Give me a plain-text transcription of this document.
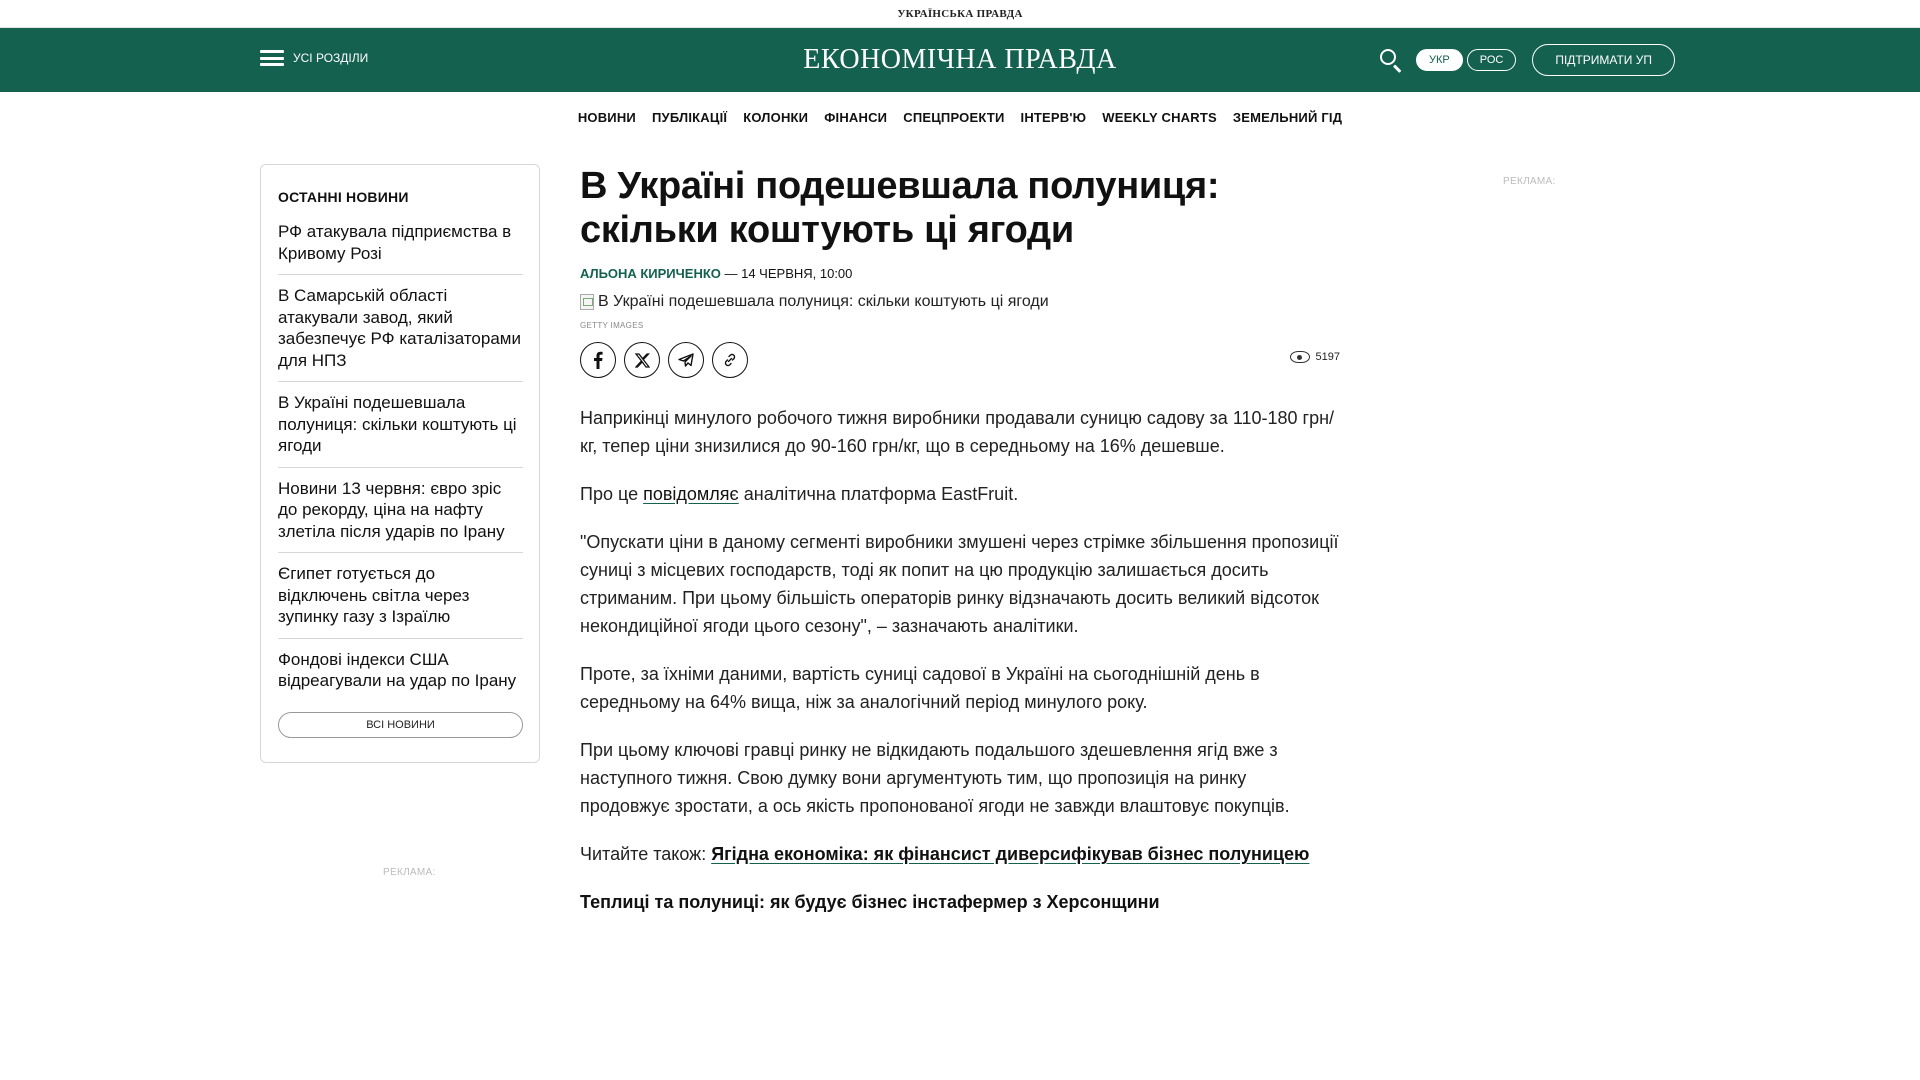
УКРАЇНСЬКА ПРАВДА
УСІ РОЗДІЛИ	ЕКОНОМІЧНА ПРАВДА	УКР	РОС	ПІДТРИМАТИ УП
НОВИНИ ПУБЛІКАЦІЇ КОЛОНКИ ФІНАНСИ СПЕЦПРОЕКТИ ІНТЕРВ'Ю WEEKLY CHARTS ЗЕМЕЛЬНИЙ ГІД
ОСТАННІ НОВИНИ
РФ атакувала підприємства в Кривому Розі
В Самарській області атакували завод, який забезпечує РФ каталізаторами для НПЗ
В Україні подешевшала полуниця: скільки коштують ці ягоди
Новини 13 червня: євро зріс до рекорду, ціна на нафту злетіла після ударів по Ірану
Єгипет готується до відключень світла через зупинку газу з Ізраїлю
Фондові індекси США відреагували на удар по Ірану
ВСІ НОВИНИ
РЕКЛАМА:
РЕКЛАМА:
В Україні подешевшала полуниця: скільки коштують ці ягоди
АЛЬОНА КИРИЧЕНКО — 14 ЧЕРВНЯ, 10:00
В Україні подешевшала полуниця: скільки коштують ці ягоди
GETTY IMAGES
5197

Наприкінці минулого робочого тижня виробники продавали суницю садову за 110-180 грн/кг, тепер ціни знизилися до 90-160 грн/кг, що в середньому на 16% дешевше.

Про це повідомляє аналітична платформа EastFruit.

"Опускати ціни в даному сегменті виробники змушені через стрімке збільшення пропозиції суниці з місцевих господарств, тоді як попит на цю продукцію залишається досить стриманим. При цьому більшість операторів ринку відзначають досить великий відсоток некондиційної ягоди цього сезону", – зазначають аналітики.

Проте, за їхніми даними, вартість суниці садової в Україні на сьогоднішній день в середньому на 64% вища, ніж за аналогічний період минулого року.

При цьому ключові гравці ринку не відкидають подальшого здешевлення ягід вже з наступного тижня. Свою думку вони аргументують тим, що пропозиція на ринку продовжує зростати, а ось якість пропонованої ягоди не завжди влаштовує покупців.

Читайте також: Ягідна економіка: як фінансист диверсифікував бізнес полуницею

Теплиці та полуниці: як будує бізнес інстафермер з Херсонщини
